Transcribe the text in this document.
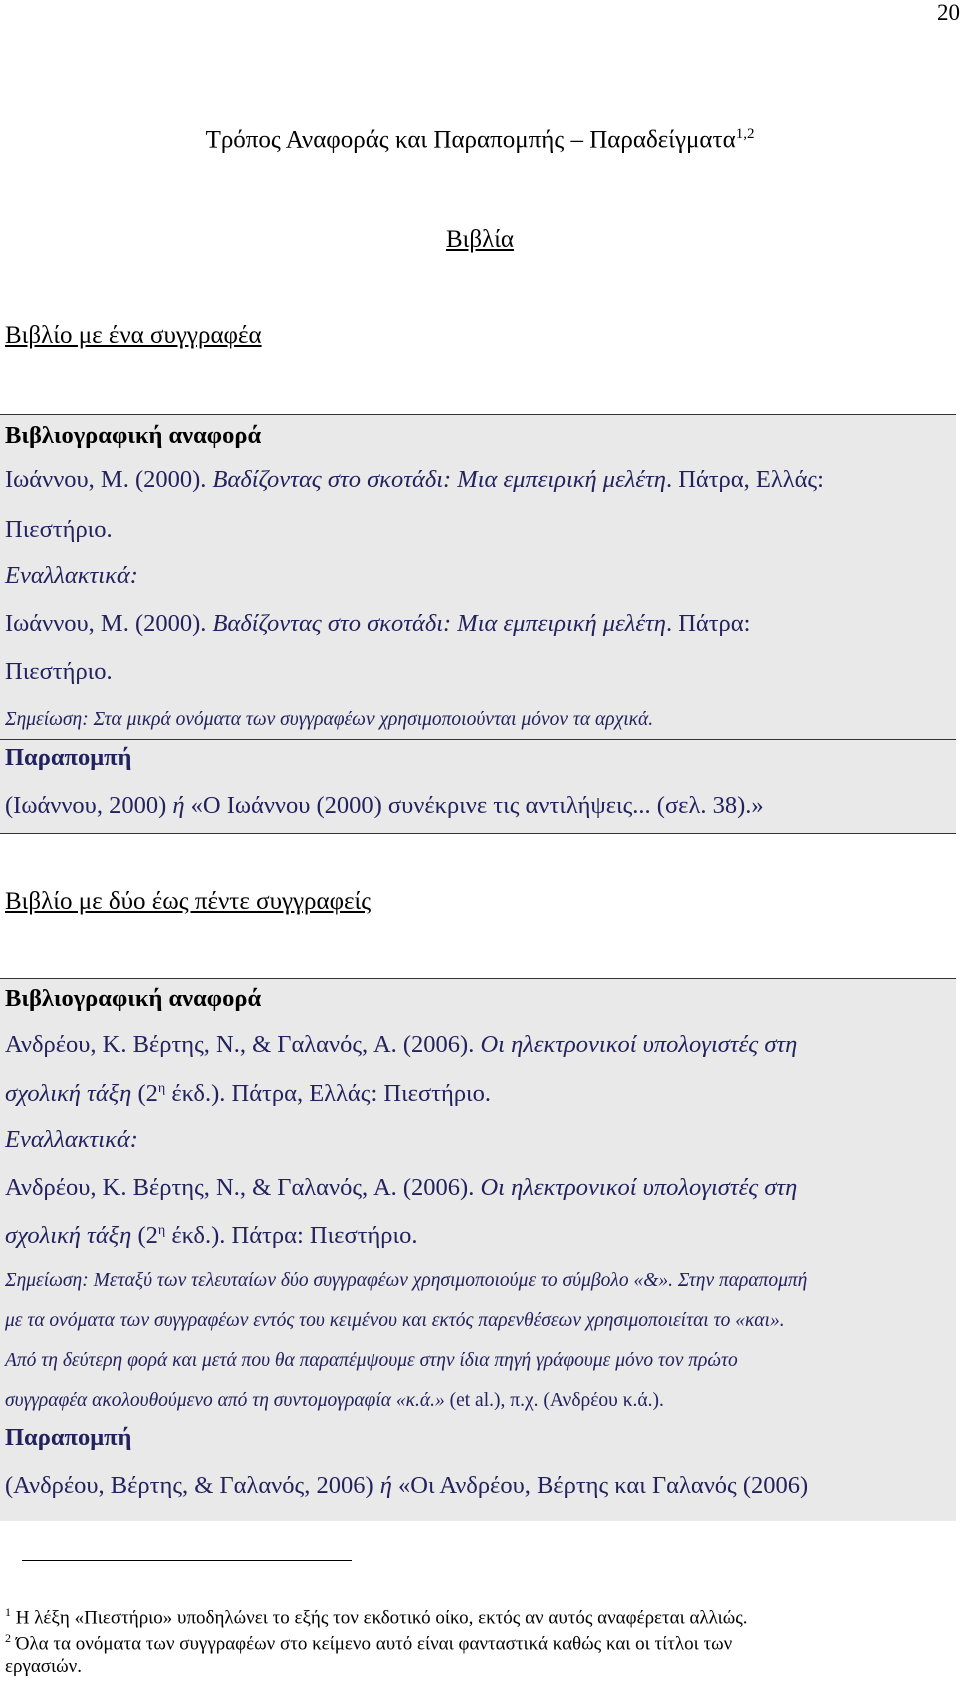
20
Τρόπος Αναφοράς και Παραπομπής – Παραδείγματα$^{1,2}$
Βιβλία
Βιβλίο με ένα συγγραφέα
Βιβλιογραφική αναφορά
Ιωάννου, Μ. (2000). Βαδίζοντας στο σκοτάδι: Μια εμπειρική μελέτη. Πάτρα, Ελλάς:
Πιεστήριο.
Εναλλακτικά:
Ιωάννου, Μ. (2000). Βαδίζοντας στο σκοτάδι: Μια εμπειρική μελέτη. Πάτρα:
Πιεστήριο.
Σημείωση: Στα μικρά ονόματα των συγγραφέων χρησιμοποιούνται μόνον τα αρχικά.
Παραπομπή
(Ιωάννου, 2000) ή «Ο Ιωάννου (2000) συνέκρινε τις αντιλήψεις... (σελ. 38).»
Βιβλίο με δύο έως πέντε συγγραφείς
Βιβλιογραφική αναφορά
Ανδρέου, Κ. Βέρτης, Ν., & Γαλανός, Α. (2006). Οι ηλεκτρονικοί υπολογιστές στη
σχολική τάξη ($2^\eta$ έκδ.). Πάτρα, Ελλάς: Πιεστήριο.
Εναλλακτικά:
Ανδρέου, Κ. Βέρτης, Ν., & Γαλανός, Α. (2006). Οι ηλεκτρονικοί υπολογιστές στη
σχολική τάξη ($2^\eta$ έκδ.). Πάτρα: Πιεστήριο.
Σημείωση: Μεταξύ των τελευταίων δύο συγγραφέων χρησιμοποιούμε το σύμβολο «&». Στην παραπομπή
με τα ονόματα των συγγραφέων εντός του κειμένου και εκτός παρενθέσεων χρησιμοποιείται το «και».
Από τη δεύτερη φορά και μετά που θα παραπέμψουμε στην ίδια πηγή γράφουμε μόνο τον πρώτο
συγγραφέα ακολουθούμενο από τη συντομογραφία «κ.ά.» (et al.), π.χ. (Ανδρέου κ.ά.).
Παραπομπή
(Ανδρέου, Βέρτης, & Γαλανός, 2006) ή «Οι Ανδρέου, Βέρτης και Γαλανός (2006)
$^1$ Η λέξη «Πιεστήριο» υποδηλώνει το εξής τον εκδοτικό οίκο, εκτός αν αυτός αναφέρεται αλλιώς.
$^2$ Όλα τα ονόματα των συγγραφέων στο κείμενο αυτό είναι φανταστικά καθώς και οι τίτλοι των
εργασιών.
